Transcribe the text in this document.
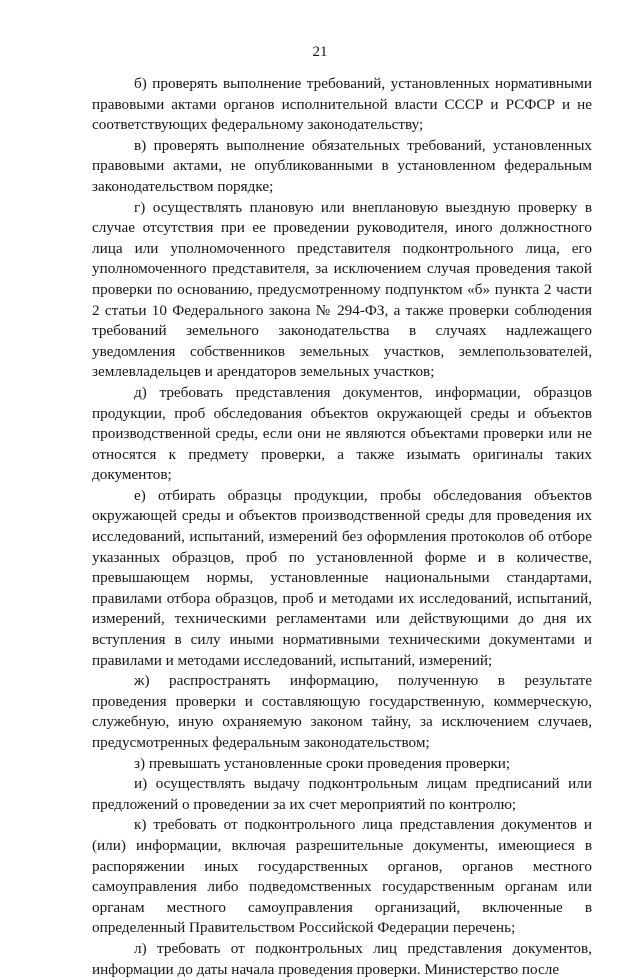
21

б) проверять выполнение требований, установленных нормативными правовыми актами органов исполнительной власти СССР и РСФСР и не соответствующих федеральному законодательству;

в) проверять выполнение обязательных требований, установленных правовыми актами, не опубликованными в установленном федеральным законодательством порядке;

г) осуществлять плановую или внеплановую выездную проверку в случае отсутствия при ее проведении руководителя, иного должностного лица или уполномоченного представителя подконтрольного лица, его уполномоченного представителя, за исключением случая проведения такой проверки по основанию, предусмотренному подпунктом «б» пункта 2 части 2 статьи 10 Федерального закона № 294-ФЗ, а также проверки соблюдения требований земельного законодательства в случаях надлежащего уведомления собственников земельных участков, землепользователей, землевладельцев и арендаторов земельных участков;

д) требовать представления документов, информации, образцов продукции, проб обследования объектов окружающей среды и объектов производственной среды, если они не являются объектами проверки или не относятся к предмету проверки, а также изымать оригиналы таких документов;

е) отбирать образцы продукции, пробы обследования объектов окружающей среды и объектов производственной среды для проведения их исследований, испытаний, измерений без оформления протоколов об отборе указанных образцов, проб по установленной форме и в количестве, превышающем нормы, установленные национальными стандартами, правилами отбора образцов, проб и методами их исследований, испытаний, измерений, техническими регламентами или действующими до дня их вступления в силу иными нормативными техническими документами и правилами и методами исследований, испытаний, измерений;

ж) распространять информацию, полученную в результате проведения проверки и составляющую государственную, коммерческую, служебную, иную охраняемую законом тайну, за исключением случаев, предусмотренных федеральным законодательством;

з) превышать установленные сроки проведения проверки;

и) осуществлять выдачу подконтрольным лицам предписаний или предложений о проведении за их счет мероприятий по контролю;

к) требовать от подконтрольного лица представления документов и (или) информации, включая разрешительные документы, имеющиеся в распоряжении иных государственных органов, органов местного самоуправления либо подведомственных государственным органам или органам местного самоуправления организаций, включенные в определенный Правительством Российской Федерации перечень;

л) требовать от подконтрольных лиц представления документов, информации до даты начала проведения проверки. Министерство после
